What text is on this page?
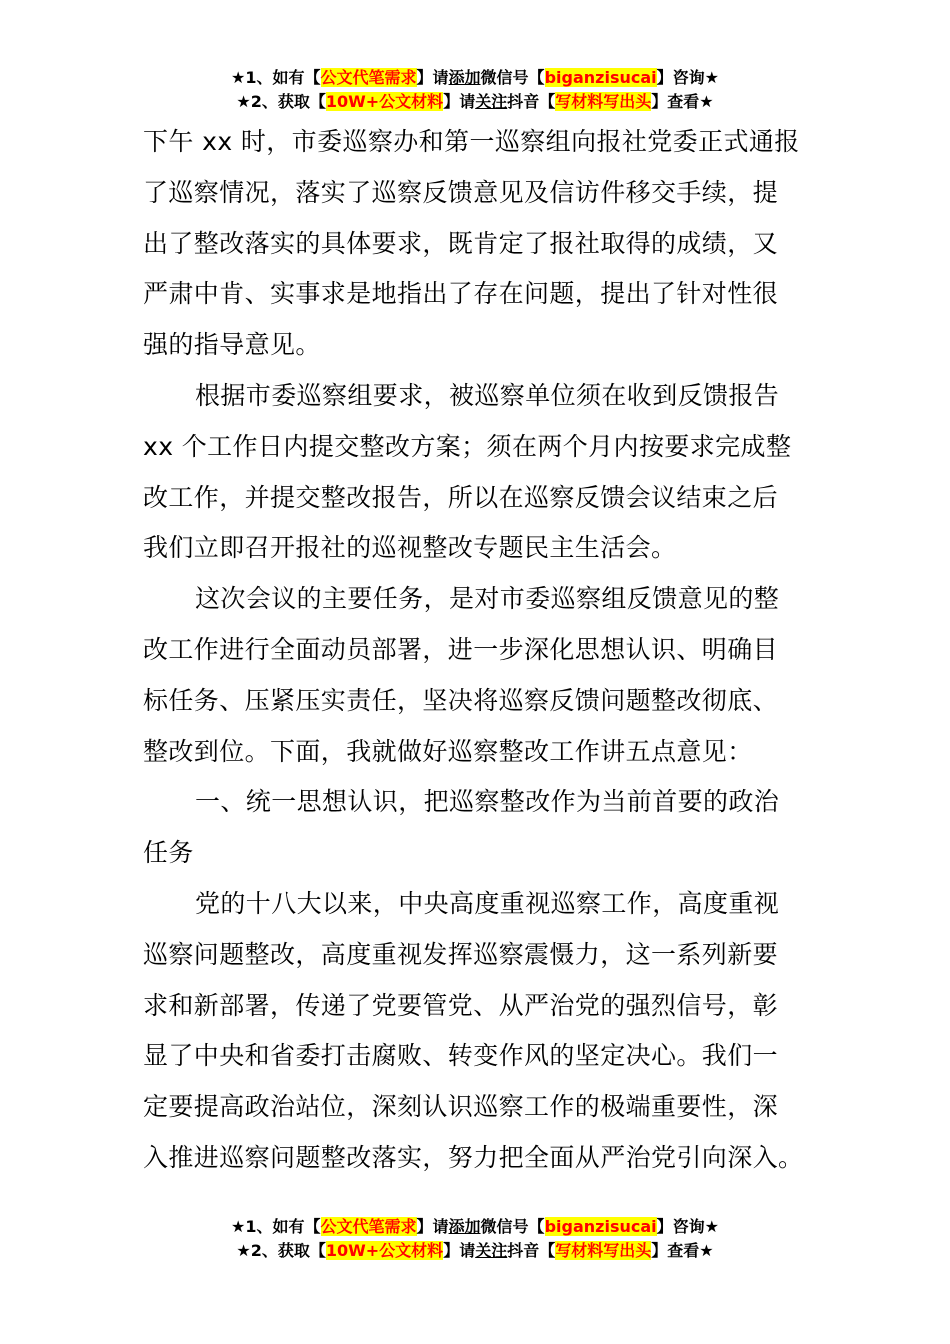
★1、如有【公文代笔需求】请添加微信号【biganzisucai】咨询★
★2、获取【10W+公文材料】请关注抖音【写材料写出头】查看★
下午 xx 时，市委巡察办和第一巡察组向报社党委正式通报
了巡察情况，落实了巡察反馈意见及信访件移交手续，提
出了整改落实的具体要求，既肯定了报社取得的成绩，又
严肃中肯、实事求是地指出了存在问题，提出了针对性很
强的指导意见。
根据市委巡察组要求，被巡察单位须在收到反馈报告
xx 个工作日内提交整改方案；须在两个月内按要求完成整
改工作，并提交整改报告，所以在巡察反馈会议结束之后
我们立即召开报社的巡视整改专题民主生活会。
这次会议的主要任务，是对市委巡察组反馈意见的整
改工作进行全面动员部署，进一步深化思想认识、明确目
标任务、压紧压实责任，坚决将巡察反馈问题整改彻底、
整改到位。下面，我就做好巡察整改工作讲五点意见：
一、统一思想认识，把巡察整改作为当前首要的政治
任务
党的十八大以来，中央高度重视巡察工作，高度重视
巡察问题整改，高度重视发挥巡察震慑力，这一系列新要
求和新部署，传递了党要管党、从严治党的强烈信号，彰
显了中央和省委打击腐败、转变作风的坚定决心。我们一
定要提高政治站位，深刻认识巡察工作的极端重要性，深
入推进巡察问题整改落实，努力把全面从严治党引向深入。
★1、如有【公文代笔需求】请添加微信号【biganzisucai】咨询★
★2、获取【10W+公文材料】请关注抖音【写材料写出头】查看★
